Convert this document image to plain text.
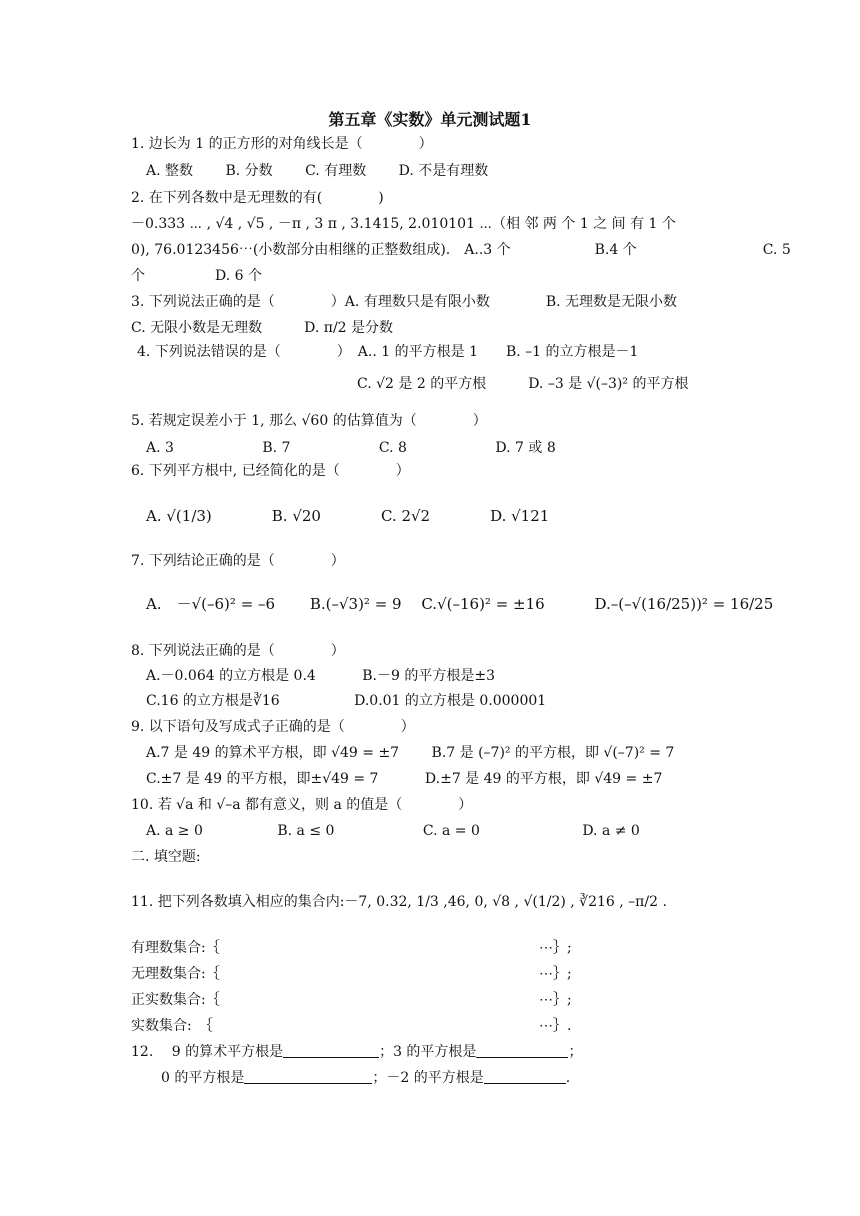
第五章《实数》单元测试题1
1. 边长为 1 的正方形的对角线长是（　　　　）
A. 整数　　 B. 分数　　 C. 有理数　　 D. 不是有理数
2. 在下列各数中是无理数的有(　　　　)
－0.333 ⋯ , √4 , √5 , －π , 3 π , 3.1415, 2.010101 ⋯（相 邻 两 个 1 之 间 有 1 个
0), 76.0123456⋯(小数部分由相继的正整数组成).　A..3 个　　　　　　B.4 个　　　　　　　　　C. 5
个　　　　　D. 6 个
3. 下列说法正确的是（　　　　）A. 有理数只是有限小数　　　　B. 无理数是无限小数
C. 无限小数是无理数　　　D. π/2 是分数
4. 下列说法错误的是（　　　　）　A.. 1 的平方根是 1　　B. –1 的立方根是－1
C. √2 是 2 的平方根　　　D. –3 是 √(–3)² 的平方根
5. 若规定误差小于 1, 那么 √60 的估算值为（　　　　）
A. 3　　　　　　 B. 7　　　　　　 C. 8　　　　　　 D. 7 或 8
6. 下列平方根中, 已经简化的是（　　　　）
A. √(1/3)　　　　B. √20　　　　C. 2√2　　　　D. √121
7. 下列结论正确的是（　　　　）
A.　－√(–6)² = –6　　 B.(–√3)² = 9　 C.√(–16)² = ±16　　　 D.–(–√(16/25))² = 16/25
8. 下列说法正确的是（　　　　）
A.－0.064 的立方根是 0.4　　　 B.－9 的平方根是±3
C.16 的立方根是∛16　　　　　 D.0.01 的立方根是 0.000001
9. 以下语句及写成式子正确的是（　　　　）
A.7 是 49 的算术平方根，即 √49 = ±7　　 B.7 是 (–7)² 的平方根，即 √(–7)² = 7
C.±7 是 49 的平方根，即±√49 = 7　　　 D.±7 是 49 的平方根，即 √49 = ±7
10. 若 √a 和 √–a 都有意义，则 a 的值是（　　　　）
A. a ≥ 0　　　　　 B. a ≤ 0　　　　　　 C. a = 0　　　　　　　 D. a ≠ 0
二. 填空题:
11. 把下列各数填入相应的集合内:－7, 0.32, 1/3 ,46, 0, √8 , √(1/2) , ∛216 , –π/2 .
有理数集合:｛	⋯｝;
无理数集合:｛	⋯｝;
正实数集合:｛	⋯｝;
实数集合:　｛	⋯｝.
12.　 9 的算术平方根是	；3 的平方根是	；
0 的平方根是	；－2 的平方根是	.
